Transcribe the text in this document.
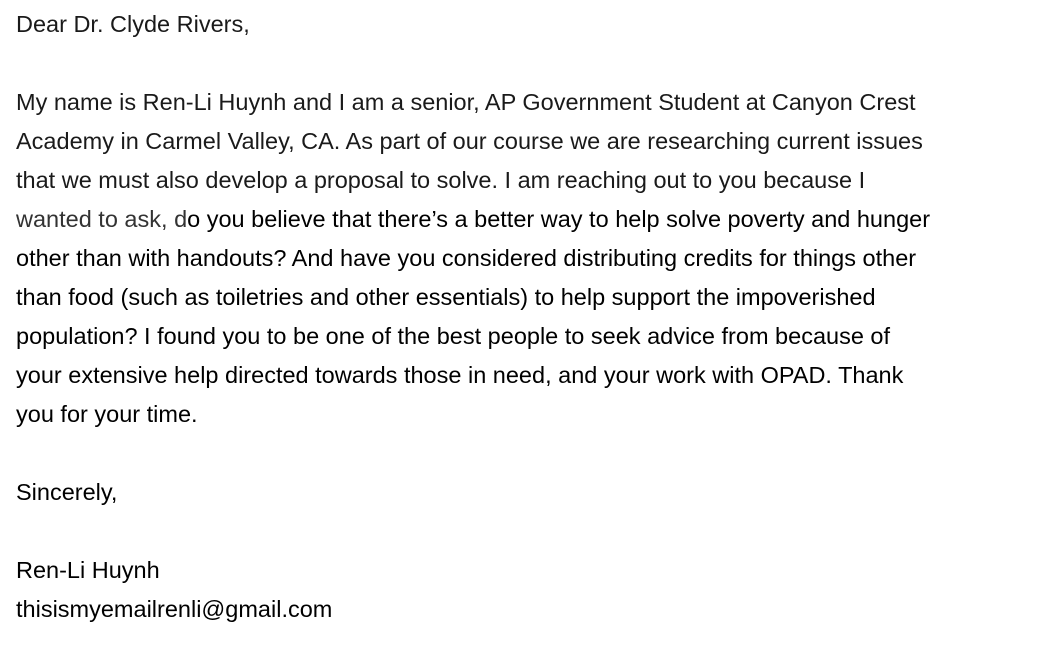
Dear Dr. Clyde Rivers,
My name is Ren-Li Huynh and I am a senior, AP Government Student at Canyon Crest
Academy in Carmel Valley, CA. As part of our course we are researching current issues
that we must also develop a proposal to solve. I am reaching out to you because I
wanted to ask, do you believe that there’s a better way to help solve poverty and hunger
other than with handouts? And have you considered distributing credits for things other
than food (such as toiletries and other essentials) to help support the impoverished
population? I found you to be one of the best people to seek advice from because of
your extensive help directed towards those in need, and your work with OPAD. Thank
you for your time.
Sincerely,
Ren-Li Huynh
thisismyemailrenli@gmail.com
